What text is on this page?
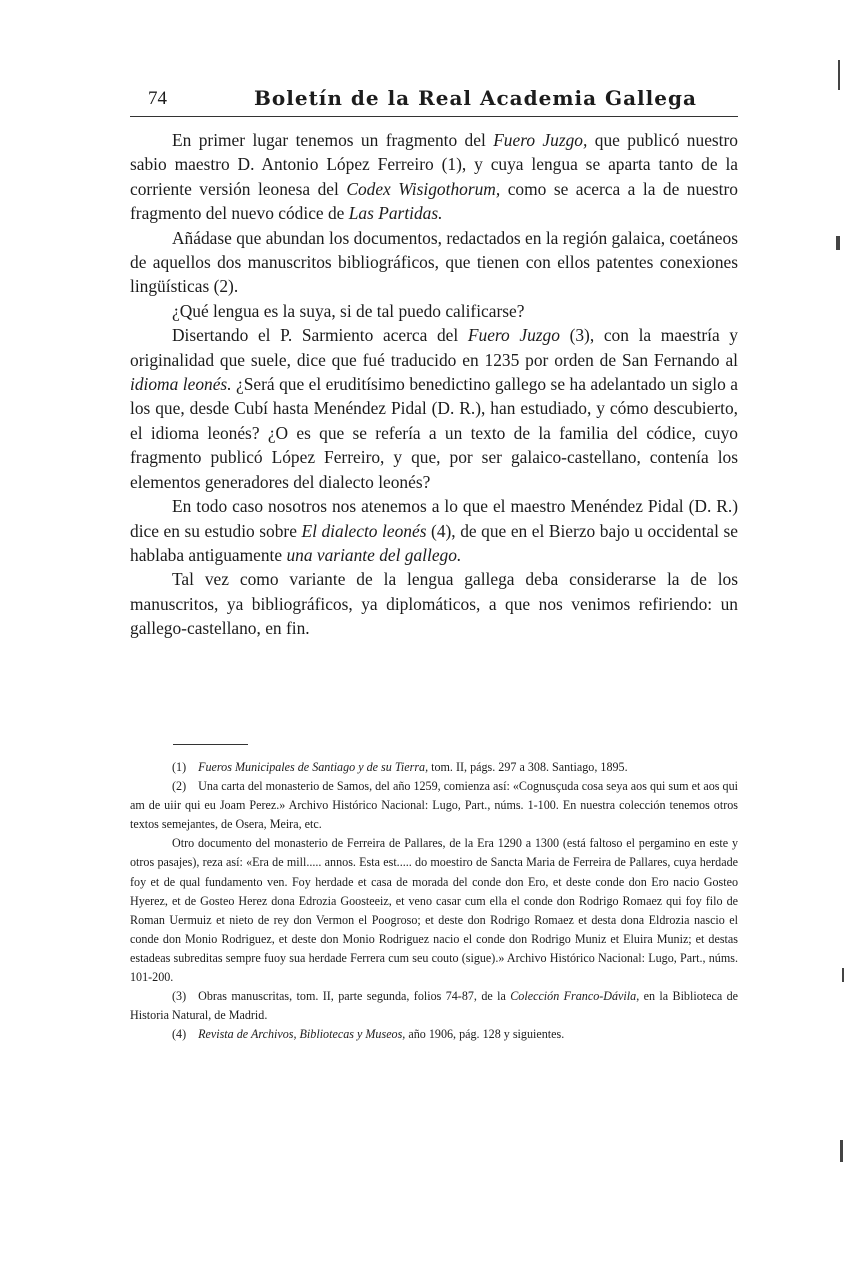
74	Boletín de la Real Academia Gallega

En primer lugar tenemos un fragmento del Fuero Juzgo, que publicó nuestro sabio maestro D. Antonio López Ferreiro (1), y cuya lengua se aparta tanto de la corriente versión leonesa del Codex Wisigothorum, como se acerca a la de nuestro fragmento del nuevo códice de Las Partidas.

Añádase que abundan los documentos, redactados en la región galaica, coetáneos de aquellos dos manuscritos bibliográficos, que tienen con ellos patentes conexiones lingüísticas (2).

¿Qué lengua es la suya, si de tal puedo calificarse?

Disertando el P. Sarmiento acerca del Fuero Juzgo (3), con la maestría y originalidad que suele, dice que fué traducido en 1235 por orden de San Fernando al idioma leonés. ¿Será que el eruditísimo benedictino gallego se ha adelantado un siglo a los que, desde Cubí hasta Menéndez Pidal (D. R.), han estudiado, y cómo descubierto, el idioma leonés? ¿O es que se refería a un texto de la familia del códice, cuyo fragmento publicó López Ferreiro, y que, por ser galaico-castellano, contenía los elementos generadores del dialecto leonés?

En todo caso nosotros nos atenemos a lo que el maestro Menéndez Pidal (D. R.) dice en su estudio sobre El dialecto leonés (4), de que en el Bierzo bajo u occidental se hablaba antiguamente una variante del gallego.

Tal vez como variante de la lengua gallega deba considerarse la de los manuscritos, ya bibliográficos, ya diplomáticos, a que nos venimos refiriendo: un gallego-castellano, en fin.

(1) Fueros Municipales de Santiago y de su Tierra, tom. II, págs. 297 a 308. Santiago, 1895.

(2) Una carta del monasterio de Samos, del año 1259, comienza así: «Cognusçuda cosa seya aos qui sum et aos qui am de uiir qui eu Joam Perez.» Archivo Histórico Nacional: Lugo, Part., núms. 1-100. En nuestra colección tenemos otros textos semejantes, de Osera, Meira, etc.

Otro documento del monasterio de Ferreira de Pallares, de la Era 1290 a 1300 (está faltoso el pergamino en este y otros pasajes), reza así: «Era de mill..... annos. Esta est..... do moestiro de Sancta Maria de Ferreira de Pallares, cuya herdade foy et de qual fundamento ven. Foy herdade et casa de morada del conde don Ero, et deste conde don Ero nacio Gosteo Hyerez, et de Gosteo Herez dona Edrozia Goosteeiz, et veno casar cum ella el conde don Rodrigo Romaez qui foy filo de Roman Uermuiz et nieto de rey don Vermon el Poogroso; et deste don Rodrigo Romaez et desta dona Eldrozia nascio el conde don Monio Rodriguez, et deste don Monio Rodriguez nacio el conde don Rodrigo Muniz et Eluira Muniz; et destas estadeas subreditas sempre fuoy sua herdade Ferrera cum seu couto (sigue).» Archivo Histórico Nacional: Lugo, Part., núms. 101-200.

(3) Obras manuscritas, tom. II, parte segunda, folios 74-87, de la Colección Franco-Dávila, en la Biblioteca de Historia Natural, de Madrid.

(4) Revista de Archivos, Bibliotecas y Museos, año 1906, pág. 128 y siguientes.
